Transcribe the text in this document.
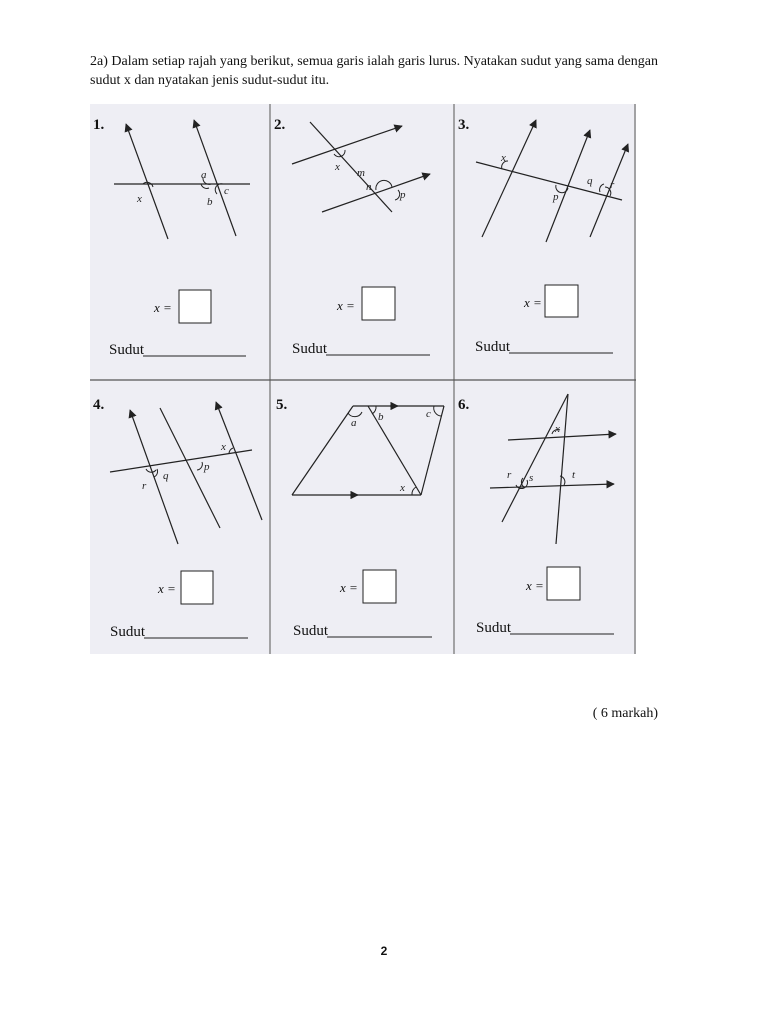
2a) Dalam setiap rajah yang berikut, semua garis ialah garis lurus. Nyatakan sudut yang sama dengan sudut x dan nyatakan jenis sudut-sudut itu.

1.
x
a
c
b
x =
Sudut
2.
x m
n
p
x =
Sudut
3.
x
p
q r
x =
Sudut
4.
r
q
p
x
x =
Sudut
5.
a b	c
x
x =
Sudut
6.
x
r s	t
x =
Sudut

( 6 markah)

2
